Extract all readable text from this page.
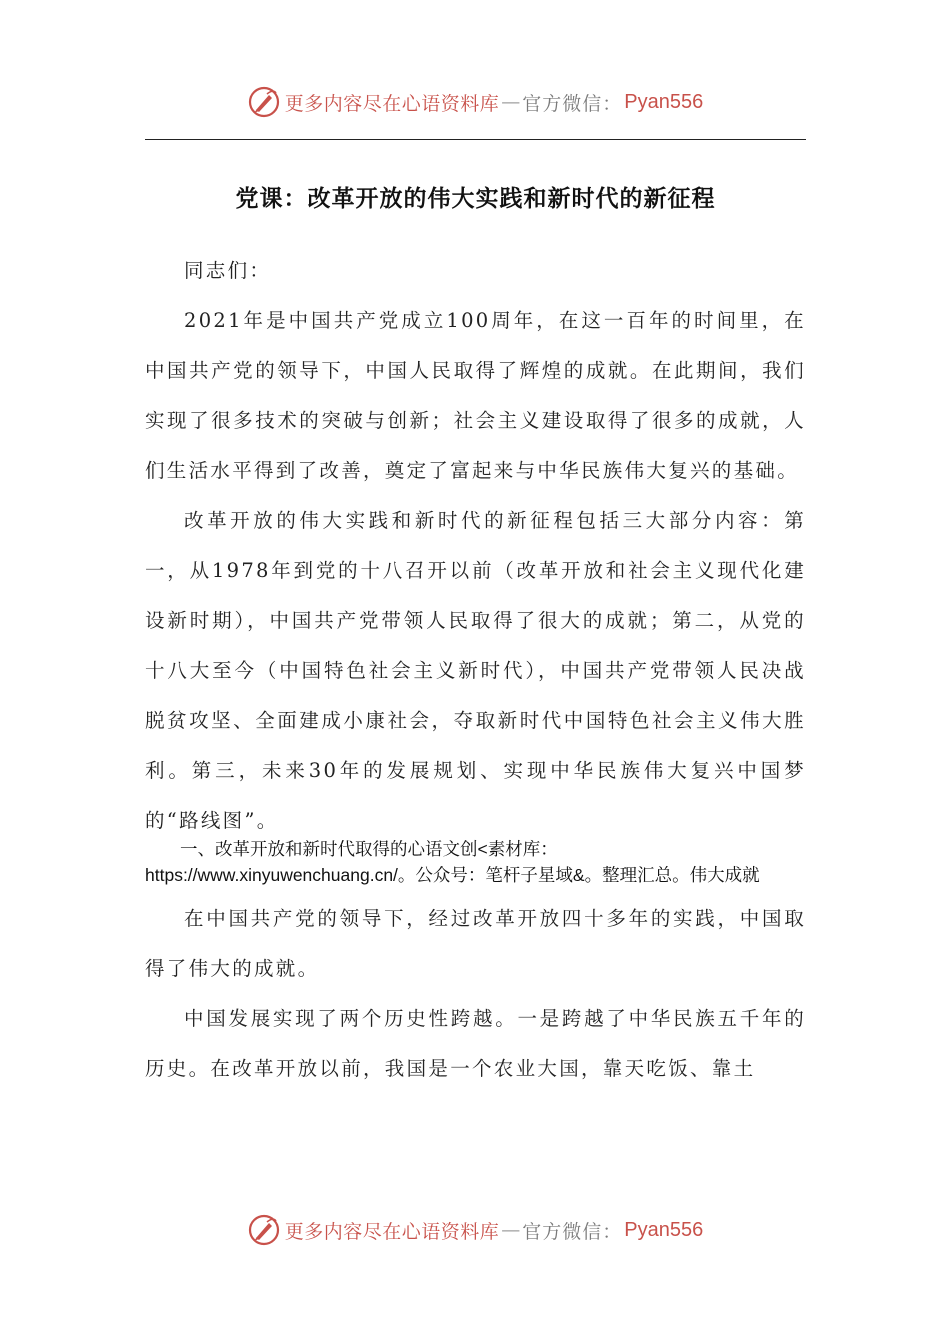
更多内容尽在心语资料库 — 官方微信： Pyan556
党课：改革开放的伟大实践和新时代的新征程

同志们：

2021年是中国共产党成立100周年，在这一百年的时间里，在中国共产党的领导下，中国人民取得了辉煌的成就。在此期间，我们实现了很多技术的突破与创新；社会主义建设取得了很多的成就，人们生活水平得到了改善，奠定了富起来与中华民族伟大复兴的基础。

改革开放的伟大实践和新时代的新征程包括三大部分内容：第一，从1978年到党的十八召开以前（改革开放和社会主义现代化建设新时期），中国共产党带领人民取得了很大的成就；第二，从党的十八大至今（中国特色社会主义新时代），中国共产党带领人民决战脱贫攻坚、全面建成小康社会，夺取新时代中国特色社会主义伟大胜利。第三，未来30年的发展规划、实现中华民族伟大复兴中国梦的“路线图”。

一、改革开放和新时代取得的心语文创<素材库：https://www.xinyuwenchuang.cn/。公众号：笔杆子星域&。整理汇总。伟大成就

在中国共产党的领导下，经过改革开放四十多年的实践，中国取得了伟大的成就。

中国发展实现了两个历史性跨越。一是跨越了中华民族五千年的历史。在改革开放以前，我国是一个农业大国，靠天吃饭、靠土

更多内容尽在心语资料库 — 官方微信： Pyan556
